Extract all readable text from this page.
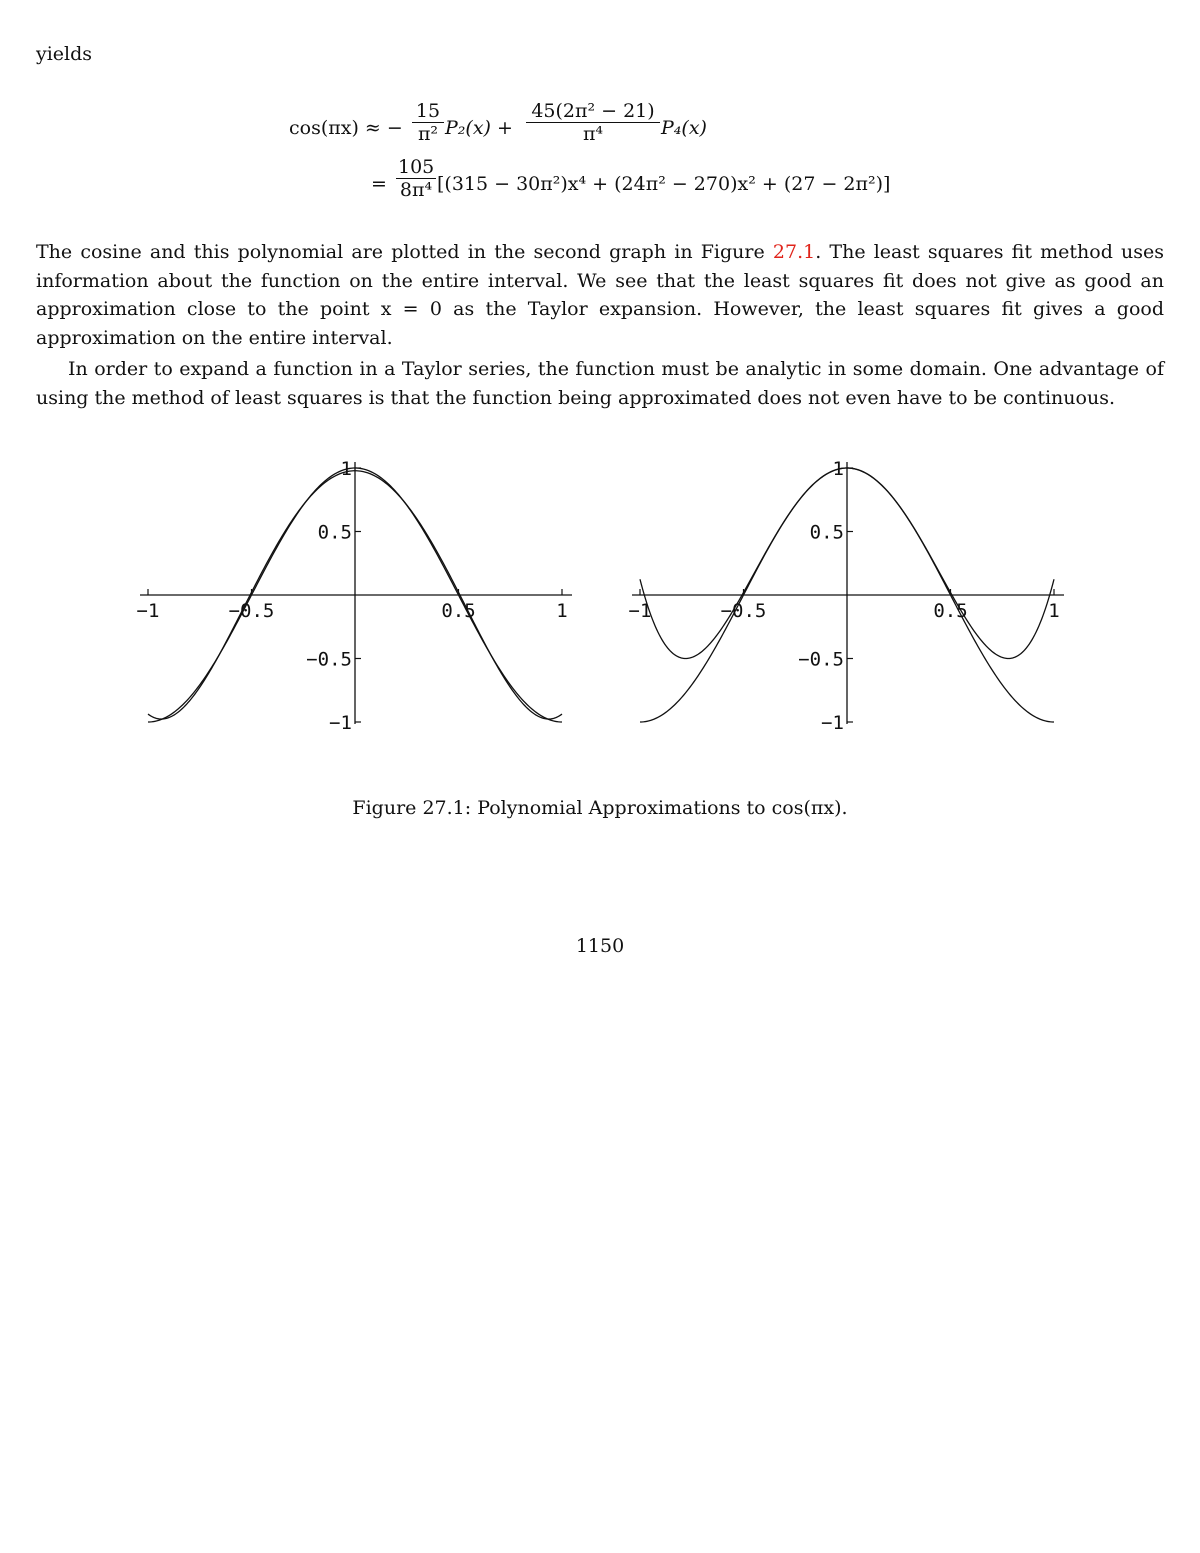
yields
cos(πx) ≈ −
15
π² P₂(x) +
45(2π² − 21)
π⁴	P₄(x)
=
105
8π⁴ [(315 − 30π²)x⁴ + (24π² − 270)x² + (27 − 2π²)]
The cosine and this polynomial are plotted in the second graph in Figure 27.1. The least squares fit method uses information about the function on the entire interval. We see that the least squares fit does not give as good an approximation close to the point x = 0 as the Taylor expansion. However, the least squares fit gives a good approximation on the entire interval.
In order to expand a function in a Taylor series, the function must be analytic in some domain. One advantage of using the method of least squares is that the function being approximated does not even have to be continuous.
−1	−0.5	0.5	1
1
0.5
−0.5
−1
−1	−0.5	0.5	1
1
0.5
−0.5
−1
Figure 27.1: Polynomial Approximations to cos(πx).
1150
